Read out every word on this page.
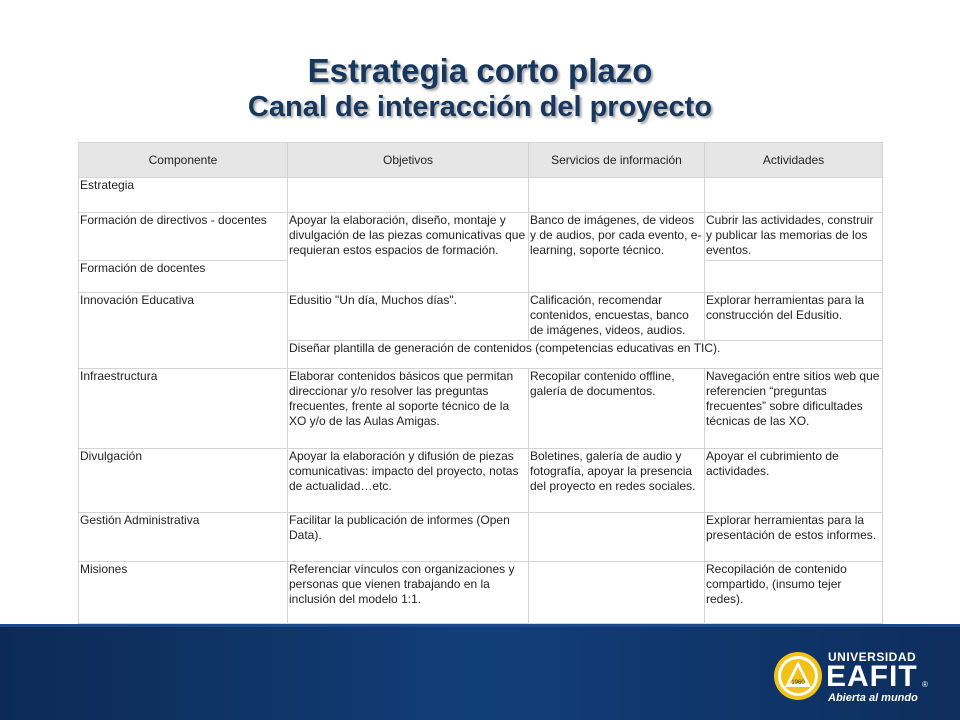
Estrategia corto plazo
Canal de interacción del proyecto
Componente	Objetivos	Servicios de información	Actividades
Estrategia			
Formación de directivos - docentes	Apoyar la elaboración, diseño, montaje y divulgación de las piezas comunicativas que requieran estos espacios de formación.	Banco de imágenes, de videos y de audios, por cada evento, e-learning, soporte técnico.	Cubrir las actividades, construir y publicar las memorias de los eventos.
Formación de docentes			
Innovación Educativa	Edusitio "Un día, Muchos días".	Calificación, recomendar contenidos, encuestas, banco de imágenes, videos, audios.	Explorar herramientas para la construcción del Edusitio.
	Diseñar plantilla de generación de contenidos (competencias educativas en TIC).		
Infraestructura	Elaborar contenidos básicos que permitan direccionar y/o resolver las preguntas frecuentes, frente al soporte técnico de la XO y/o de las Aulas Amigas.	Recopilar contenido offline, galería de documentos.	Navegación entre sitios web que referencien “preguntas frecuentes” sobre dificultades técnicas de las XO.
Divulgación	Apoyar la elaboración y difusión de piezas comunicativas: impacto del proyecto, notas de actualidad…etc.	Boletines, galería de audio y fotografía, apoyar la presencia del proyecto en redes sociales.	Apoyar el cubrimiento de actividades.
Gestión Administrativa	Facilitar la publicación de informes (Open Data).		Explorar herramientas para la presentación de estos informes.
Misiones	Referenciar vínculos con organizaciones y personas que vienen trabajando en la inclusión del modelo 1:1.		Recopilación de contenido compartido, (insumo tejer redes).
1960
UNIVERSIDAD
EAFIT ®
Abierta al mundo
